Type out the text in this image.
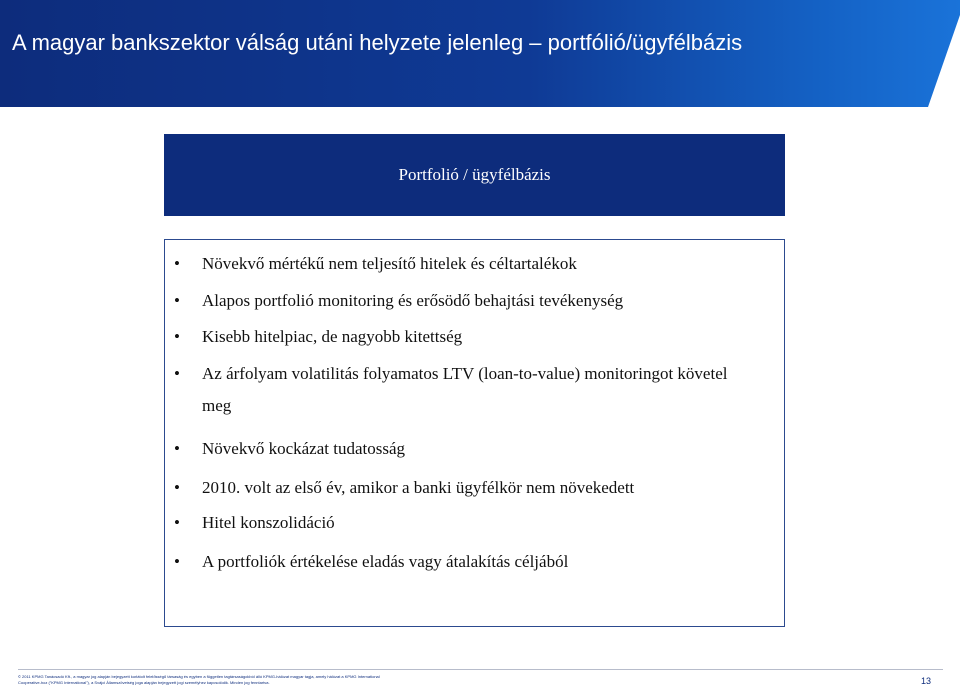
A magyar bankszektor válság utáni helyzete jelenleg – portfólió/ügyfélbázis
Portfolió / ügyfélbázis
• Növekvő mértékű nem teljesítő hitelek és céltartalékok
• Alapos portfolió monitoring és erősödő behajtási tevékenység
• Kisebb hitelpiac, de nagyobb kitettség
• Az árfolyam volatilitás folyamatos LTV (loan-to-value) monitoringot követel meg
• Növekvő kockázat tudatosság
• 2010. volt az első év, amikor a banki ügyfélkör nem növekedett
• Hitel konszolidáció
• A portfoliók értékelése eladás vagy átalakítás céljából
© 2011 KPMG Tanácsadó Kft., a magyar jog alapján bejegyzett korlátolt felelősségű társaság és egyben a független tagtársaságokból álló KPMG-hálózat magyar tagja, amely hálózat a KPMG International
Cooperative-hoz ("KPMG International"), a Svájci Államszövetség joga alapján bejegyzett jogi személyhez kapcsolódik. Minden jog fenntartva.	13
